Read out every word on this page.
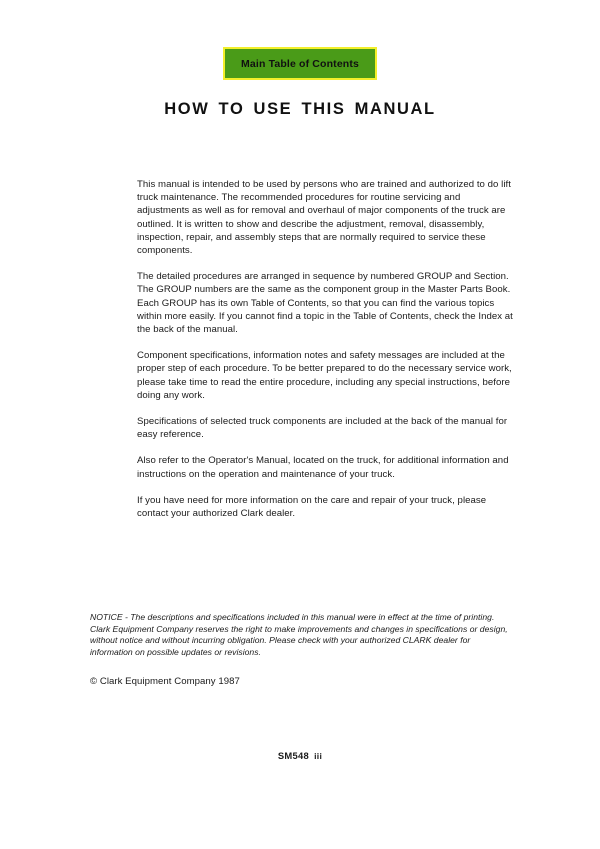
Main Table of Contents
HOW TO USE THIS MANUAL

This manual is intended to be used by persons who are trained and authorized to do lift truck maintenance. The recommended procedures for routine servicing and adjustments as well as for removal and overhaul of major components of the truck are outlined. It is written to show and describe the adjustment, removal, disassembly, inspection, repair, and assembly steps that are normally required to service these components.

The detailed procedures are arranged in sequence by numbered GROUP and Section. The GROUP numbers are the same as the component group in the Master Parts Book. Each GROUP has its own Table of Contents, so that you can find the various topics within more easily. If you cannot find a topic in the Table of Contents, check the Index at the back of the manual.

Component specifications, information notes and safety messages are included at the proper step of each procedure. To be better prepared to do the necessary service work, please take time to read the entire procedure, including any special instructions, before doing any work.

Specifications of selected truck components are included at the back of the manual for easy reference.

Also refer to the Operator's Manual, located on the truck, for additional information and instructions on the operation and maintenance of your truck.

If you have need for more information on the care and repair of your truck, please contact your authorized Clark dealer.

NOTICE - The descriptions and specifications included in this manual were in effect at the time of printing. Clark Equipment Company reserves the right to make improvements and changes in specifications or design, without notice and without incurring obligation. Please check with your authorized CLARK dealer for information on possible updates or revisions.

© Clark Equipment Company 1987
SM548 iii
